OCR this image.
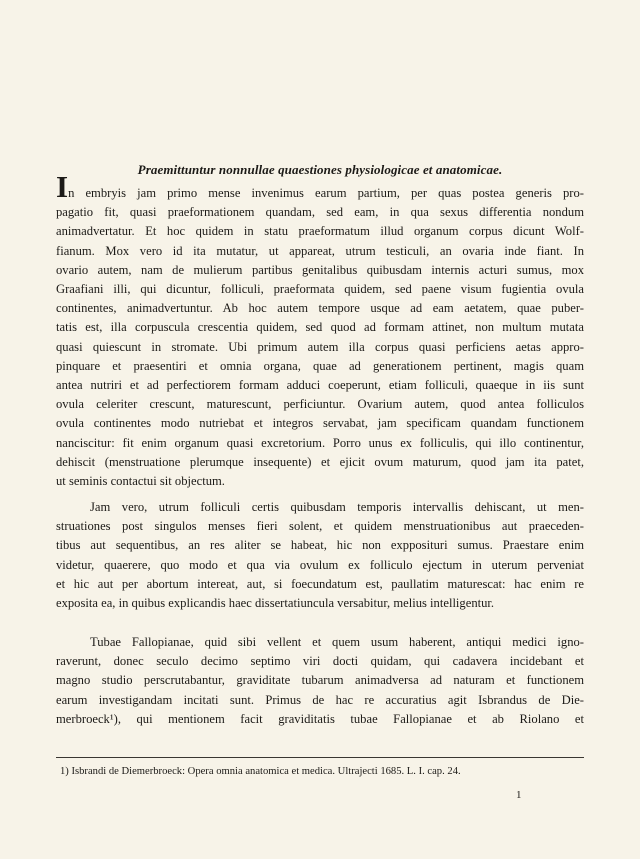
Praemittuntur nonnullae quaestiones physiologicae et anatomicae.
In embryis jam primo mense invenimus earum partium, per quas postea generis pro-
pagatio fit, quasi praeformationem quandam, sed eam, in qua sexus differentia nondum
animadvertatur. Et hoc quidem in statu praeformatum illud organum corpus dicunt Wolf-
fianum. Mox vero id ita mutatur, ut appareat, utrum testiculi, an ovaria inde fiant. In
ovario autem, nam de mulierum partibus genitalibus quibusdam internis acturi sumus, mox
Graafiani illi, qui dicuntur, folliculi, praeformata quidem, sed paene visum fugientia ovula
continentes, animadvertuntur. Ab hoc autem tempore usque ad eam aetatem, quae puber-
tatis est, illa corpuscula crescentia quidem, sed quod ad formam attinet, non multum mutata
quasi quiescunt in stromate. Ubi primum autem illa corpus quasi perficiens aetas appro-
pinquare et praesentiri et omnia organa, quae ad generationem pertinent, magis quam
antea nutriri et ad perfectiorem formam adduci coeperunt, etiam folliculi, quaeque in iis sunt
ovula celeriter crescunt, maturescunt, perficiuntur. Ovarium autem, quod antea folliculos
ovula continentes modo nutriebat et integros servabat, jam specificam quandam functionem
nanciscitur: fit enim organum quasi excretorium. Porro unus ex folliculis, qui illo continentur,
dehiscit (menstruatione plerumque insequente) et ejicit ovum maturum, quod jam ita patet,
ut seminis contactui sit objectum.
Jam vero, utrum folliculi certis quibusdam temporis intervallis dehiscant, ut men-
struationes post singulos menses fieri solent, et quidem menstruationibus aut praeceden-
tibus aut sequentibus, an res aliter se habeat, hic non expposituri sumus. Praestare enim
videtur, quaerere, quo modo et qua via ovulum ex folliculo ejectum in uterum perveniat
et hic aut per abortum intereat, aut, si foecundatum est, paullatim maturescat: hac enim re
exposita ea, in quibus explicandis haec dissertatiuncula versabitur, melius intelligentur.
Tubae Fallopianae, quid sibi vellent et quem usum haberent, antiqui medici igno-
raverunt, donec seculo decimo septimo viri docti quidam, qui cadavera incidebant et
magno studio perscrutabantur, graviditate tubarum animadversa ad naturam et functionem
earum investigandam incitati sunt. Primus de hac re accuratius agit Isbrandus de Die-
merbroeck¹), qui mentionem facit graviditatis tubae Fallopianae et ab Riolano et
1) Isbrandi de Diemerbroeck: Opera omnia anatomica et medica. Ultrajecti 1685. L. I. cap. 24.
1
